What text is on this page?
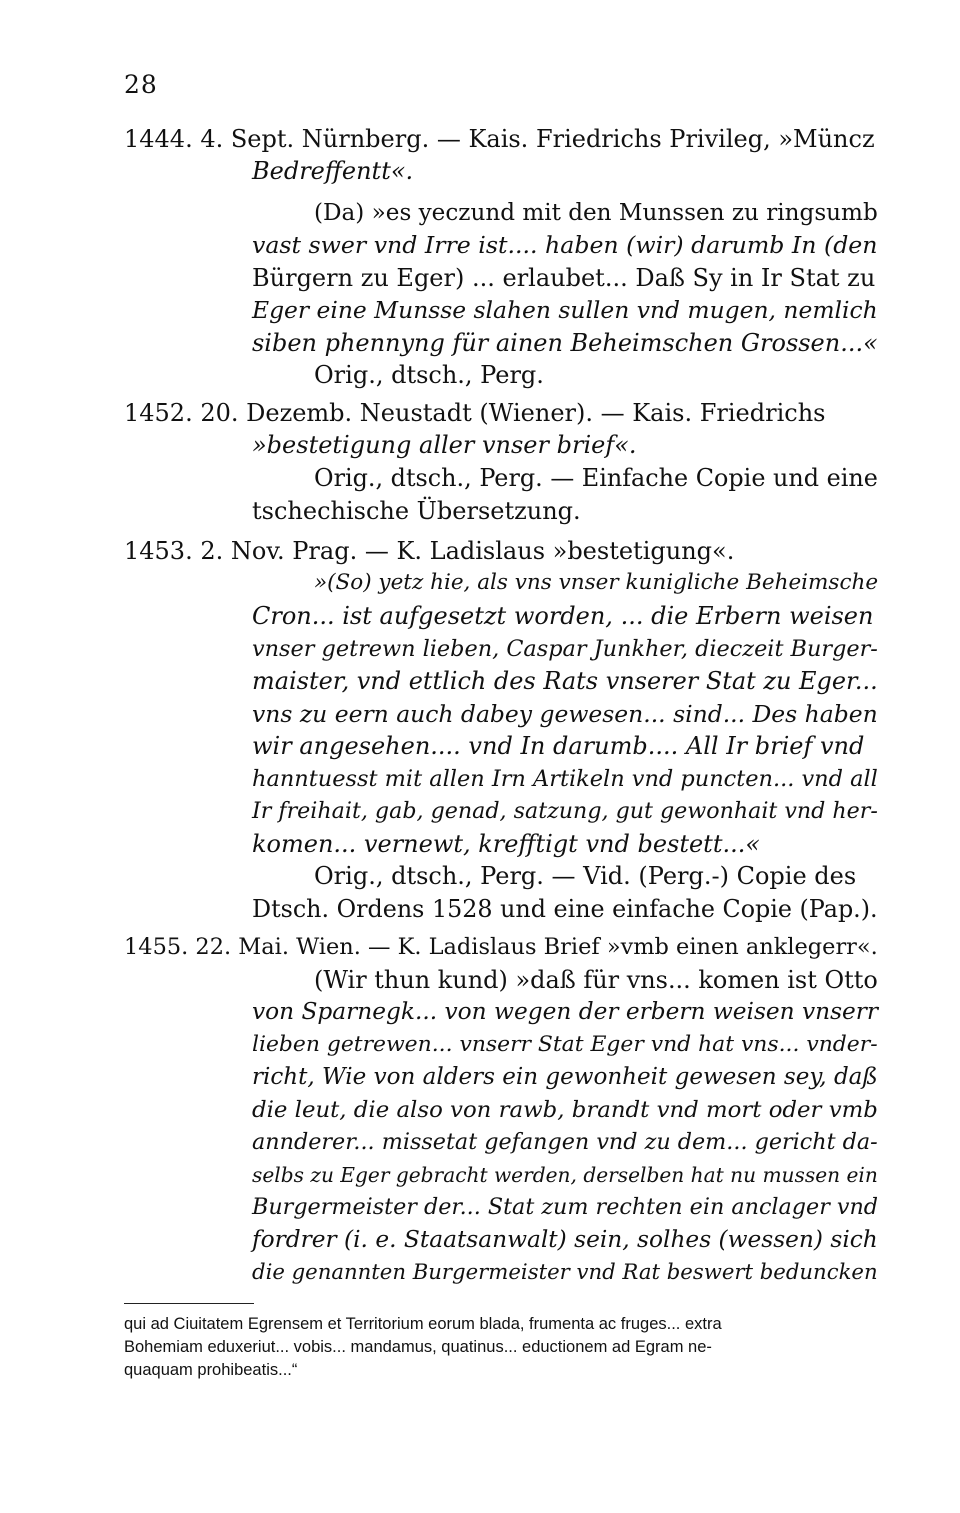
28
1444. 4. Sept. Nürnberg. — Kais. Friedrichs Privileg, »Müncz
Bedreffentt«.
(Da) »es yeczund mit den Munssen zu ringsumb
vast swer vnd Irre ist.... haben (wir) darumb In (den
Bürgern zu Eger) ... erlaubet... Daß Sy in Ir Stat zu
Eger eine Munsse slahen sullen vnd mugen, nemlich
siben phennyng für ainen Beheimschen Grossen...«
Orig., dtsch., Perg.
1452. 20. Dezemb. Neustadt (Wiener). — Kais. Friedrichs
»bestetigung aller vnser brief«.
Orig., dtsch., Perg. — Einfache Copie und eine
tschechische Übersetzung.
1453. 2. Nov. Prag. — K. Ladislaus »bestetigung«.
»(So) yetz hie, als vns vnser kunigliche Beheimsche
Cron... ist aufgesetzt worden, ... die Erbern weisen
vnser getrewn lieben, Caspar Junkher, dieczeit Burger-
maister, vnd ettlich des Rats vnserer Stat zu Eger...
vns zu eern auch dabey gewesen... sind... Des haben
wir angesehen.... vnd In darumb.... All Ir brief vnd
hanntuesst mit allen Irn Artikeln vnd puncten... vnd all
Ir freihait, gab, genad, satzung, gut gewonhait vnd her-
komen... vernewt, krefftigt vnd bestett...«
Orig., dtsch., Perg. — Vid. (Perg.-) Copie des
Dtsch. Ordens 1528 und eine einfache Copie (Pap.).
1455. 22. Mai. Wien. — K. Ladislaus Brief »vmb einen anklegerr«.
(Wir thun kund) »daß für vns... komen ist Otto
von Sparnegk... von wegen der erbern weisen vnserr
lieben getrewen... vnserr Stat Eger vnd hat vns... vnder-
richt, Wie von alders ein gewonheit gewesen sey, daß
die leut, die also von rawb, brandt vnd mort oder vmb
annderer... missetat gefangen vnd zu dem... gericht da-
selbs zu Eger gebracht werden, derselben hat nu mussen ein
Burgermeister der... Stat zum rechten ein anclager vnd
fordrer (i. e. Staatsanwalt) sein, solhes (wessen) sich
die genannten Burgermeister vnd Rat beswert beduncken
qui ad Ciuitatem Egrensem et Territorium eorum blada, frumenta ac fruges... extra
Bohemiam eduxeriut... vobis... mandamus, quatinus... eductionem ad Egram ne-
quaquam prohibeatis...“
